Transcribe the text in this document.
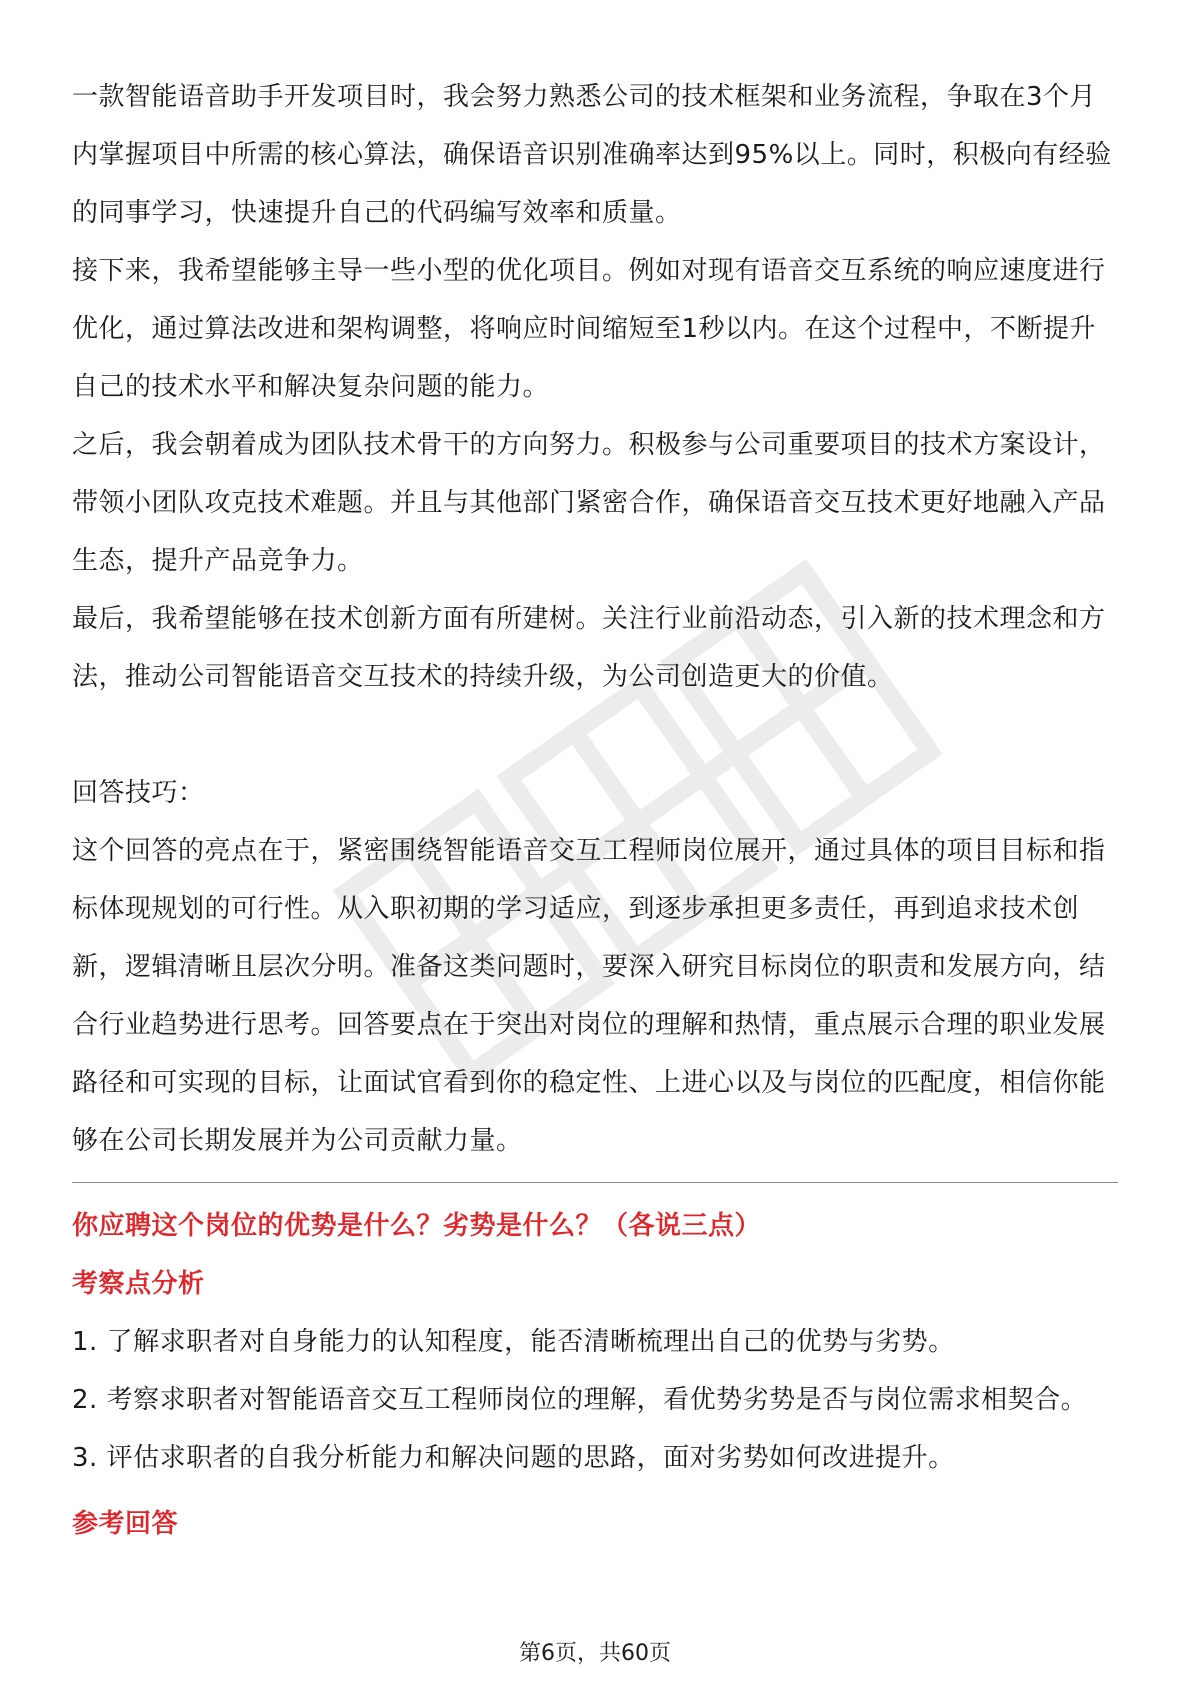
一款智能语音助手开发项目时，我会努力熟悉公司的技术框架和业务流程，争取在3个月内掌握项目中所需的核心算法，确保语音识别准确率达到95%以上。同时，积极向有经验的同事学习，快速提升自己的代码编写效率和质量。

接下来，我希望能够主导一些小型的优化项目。例如对现有语音交互系统的响应速度进行优化，通过算法改进和架构调整，将响应时间缩短至1秒以内。在这个过程中，不断提升自己的技术水平和解决复杂问题的能力。

之后，我会朝着成为团队技术骨干的方向努力。积极参与公司重要项目的技术方案设计，带领小团队攻克技术难题。并且与其他部门紧密合作，确保语音交互技术更好地融入产品生态，提升产品竞争力。

最后，我希望能够在技术创新方面有所建树。关注行业前沿动态，引入新的技术理念和方法，推动公司智能语音交互技术的持续升级，为公司创造更大的价值。

回答技巧：

这个回答的亮点在于，紧密围绕智能语音交互工程师岗位展开，通过具体的项目目标和指标体现规划的可行性。从入职初期的学习适应，到逐步承担更多责任，再到追求技术创新，逻辑清晰且层次分明。准备这类问题时，要深入研究目标岗位的职责和发展方向，结合行业趋势进行思考。回答要点在于突出对岗位的理解和热情，重点展示合理的职业发展路径和可实现的目标，让面试官看到你的稳定性、上进心以及与岗位的匹配度，相信你能够在公司长期发展并为公司贡献力量。

你应聘这个岗位的优势是什么？劣势是什么？（各说三点）

考察点分析

1. 了解求职者对自身能力的认知程度，能否清晰梳理出自己的优势与劣势。

2. 考察求职者对智能语音交互工程师岗位的理解，看优势劣势是否与岗位需求相契合。

3. 评估求职者的自我分析能力和解决问题的思路，面对劣势如何改进提升。

参考回答

第6页，共60页
